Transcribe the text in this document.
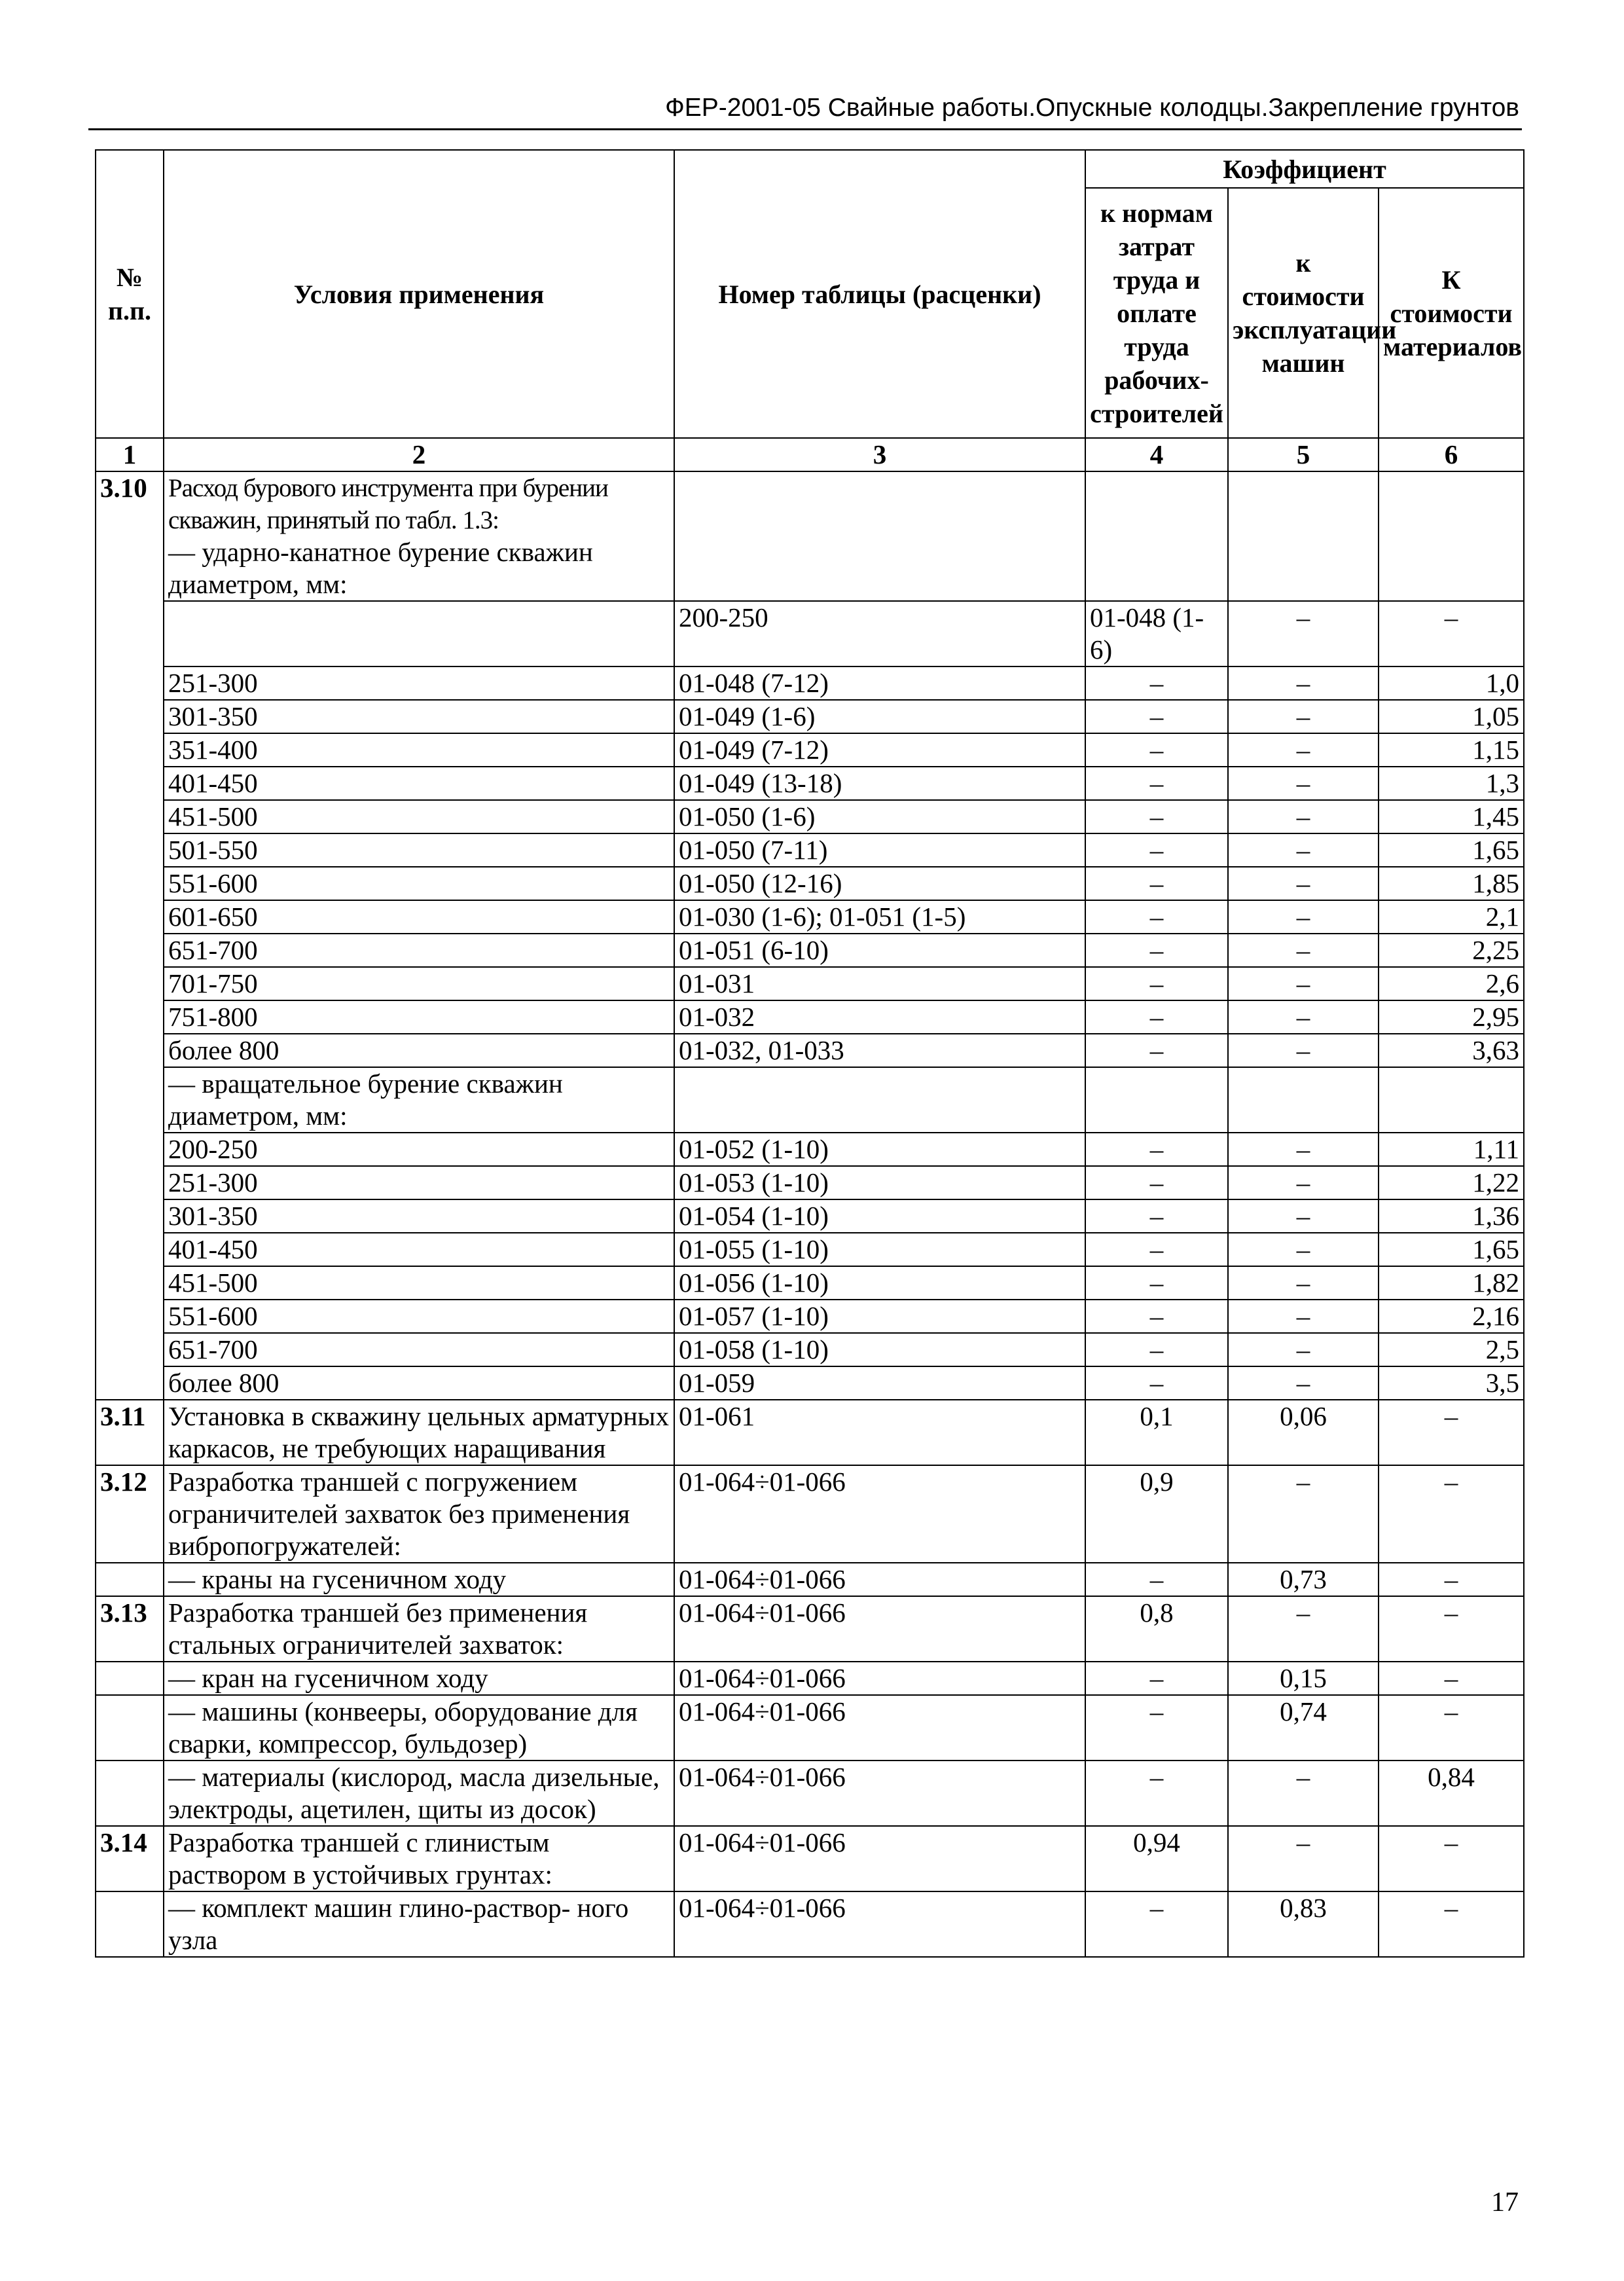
ФЕР-2001-05 Свайные работы.Опускные колодцы.Закрепление грунтов
№ п.п.	Условия применения	Номер таблицы (расценки)	Коэффициент			
			к нормам затрат труда и оплате труда рабочих-строителей	к стоимости эксплуатации машин	К стоимости материалов	
1	2	3	4	5	6	
3.10	Расход бурового инструмента при бурении скважин, принятый по табл. 1.3:					
	— ударно-канатное бурение скважин диаметром, мм:					
		200-250	01-048 (1-6)	–	–	
	251-300	01-048 (7-12)	–	–	1,0	
	301-350	01-049 (1-6)	–	–	1,05	
	351-400	01-049 (7-12)	–	–	1,15	
	401-450	01-049 (13-18)	–	–	1,3	
	451-500	01-050 (1-6)	–	–	1,45	
	501-550	01-050 (7-11)	–	–	1,65	
	551-600	01-050 (12-16)	–	–	1,85	
	601-650	01-030 (1-6); 01-051 (1-5)	–	–	2,1	
	651-700	01-051 (6-10)	–	–	2,25	
	701-750	01-031	–	–	2,6	
	751-800	01-032	–	–	2,95	
	более 800	01-032, 01-033	–	–	3,63	
	— вращательное бурение скважин диаметром, мм:					
	200-250	01-052 (1-10)	–	–	1,11	
	251-300	01-053 (1-10)	–	–	1,22	
	301-350	01-054 (1-10)	–	–	1,36	
	401-450	01-055 (1-10)	–	–	1,65	
	451-500	01-056 (1-10)	–	–	1,82	
	551-600	01-057 (1-10)	–	–	2,16	
	651-700	01-058 (1-10)	–	–	2,5	
	более 800	01-059	–	–	3,5	
3.11	Установка в скважину цельных арматурных каркасов, не требующих наращивания	01-061	0,1	0,06	–	
3.12	Разработка траншей с погружением ограничителей захваток без применения вибропогружателей:	01-064÷01-066	0,9	–	–	
	— краны на гусеничном ходу	01-064÷01-066	–	0,73	–	
3.13	Разработка траншей без применения стальных ограничителей захваток:	01-064÷01-066	0,8	–	–	
	— кран на гусеничном ходу	01-064÷01-066	–	0,15	–	
	— машины (конвееры, оборудование для сварки, компрессор, бульдозер)	01-064÷01-066	–	0,74	–	
	— материалы (кислород, масла дизельные, электроды, ацетилен, щиты из досок)	01-064÷01-066	–	–	0,84	
3.14	Разработка траншей с глинистым раствором в устойчивых грунтах:	01-064÷01-066	0,94	–	–	
	— комплект машин глино-раствор- ного узла	01-064÷01-066	–	0,83	–	
17
